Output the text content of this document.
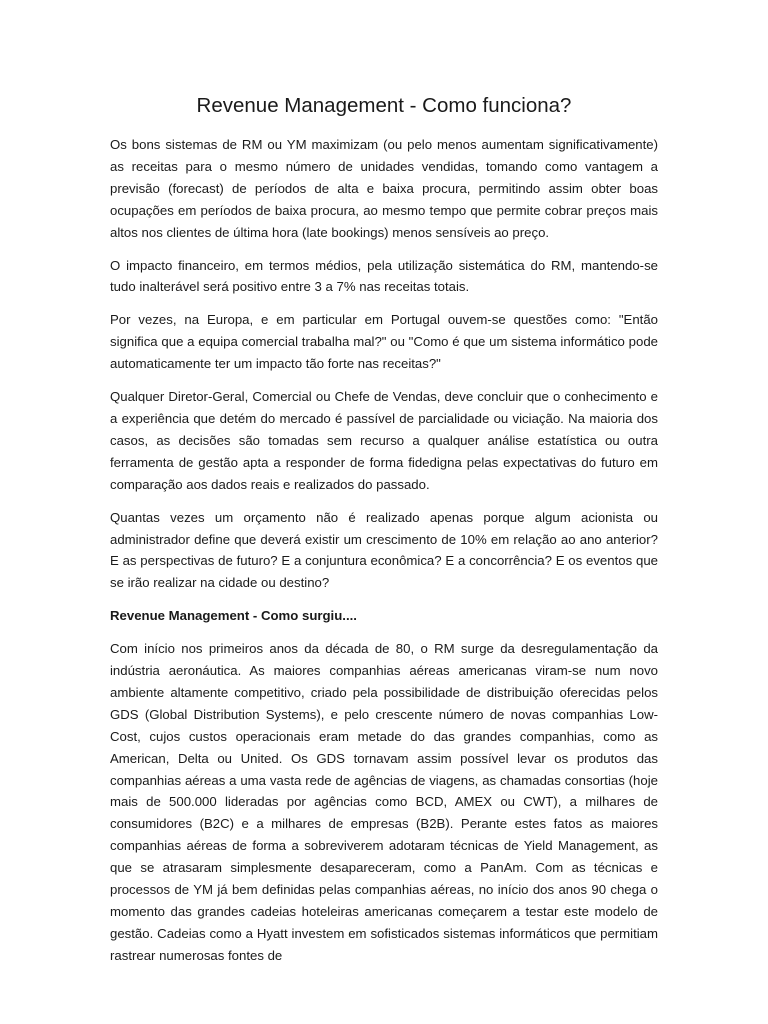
Revenue Management - Como funciona?

Os bons sistemas de RM ou YM maximizam (ou pelo menos aumentam significativamente) as receitas para o mesmo número de unidades vendidas, tomando como vantagem a previsão (forecast) de períodos de alta e baixa procura, permitindo assim obter boas ocupações em períodos de baixa procura, ao mesmo tempo que permite cobrar preços mais altos nos clientes de última hora (late bookings) menos sensíveis ao preço.

O impacto financeiro, em termos médios, pela utilização sistemática do RM, mantendo-se tudo inalterável será positivo entre 3 a 7% nas receitas totais.

Por vezes, na Europa, e em particular em Portugal ouvem-se questões como: "Então significa que a equipa comercial trabalha mal?" ou "Como é que um sistema informático pode automaticamente ter um impacto tão forte nas receitas?"

Qualquer Diretor-Geral, Comercial ou Chefe de Vendas, deve concluir que o conhecimento e a experiência que detém do mercado é passível de parcialidade ou viciação. Na maioria dos casos, as decisões são tomadas sem recurso a qualquer análise estatística ou outra ferramenta de gestão apta a responder de forma fidedigna pelas expectativas do futuro em comparação aos dados reais e realizados do passado.

Quantas vezes um orçamento não é realizado apenas porque algum acionista ou administrador define que deverá existir um crescimento de 10% em relação ao ano anterior? E as perspectivas de futuro? E a conjuntura econômica? E a concorrência? E os eventos que se irão realizar na cidade ou destino?

Revenue Management - Como surgiu....

Com início nos primeiros anos da década de 80, o RM surge da desregulamentação da indústria aeronáutica. As maiores companhias aéreas americanas viram-se num novo ambiente altamente competitivo, criado pela possibilidade de distribuição oferecidas pelos GDS (Global Distribution Systems), e pelo crescente número de novas companhias Low-Cost, cujos custos operacionais eram metade do das grandes companhias, como as American, Delta ou United. Os GDS tornavam assim possível levar os produtos das companhias aéreas a uma vasta rede de agências de viagens, as chamadas consortias (hoje mais de 500.000 lideradas por agências como BCD, AMEX ou CWT), a milhares de consumidores (B2C) e a milhares de empresas (B2B). Perante estes fatos as maiores companhias aéreas de forma a sobreviverem adotaram técnicas de Yield Management, as que se atrasaram simplesmente desapareceram, como a PanAm. Com as técnicas e processos de YM já bem definidas pelas companhias aéreas, no início dos anos 90 chega o momento das grandes cadeias hoteleiras americanas começarem a testar este modelo de gestão. Cadeias como a Hyatt investem em sofisticados sistemas informáticos que permitiam rastrear numerosas fontes de
